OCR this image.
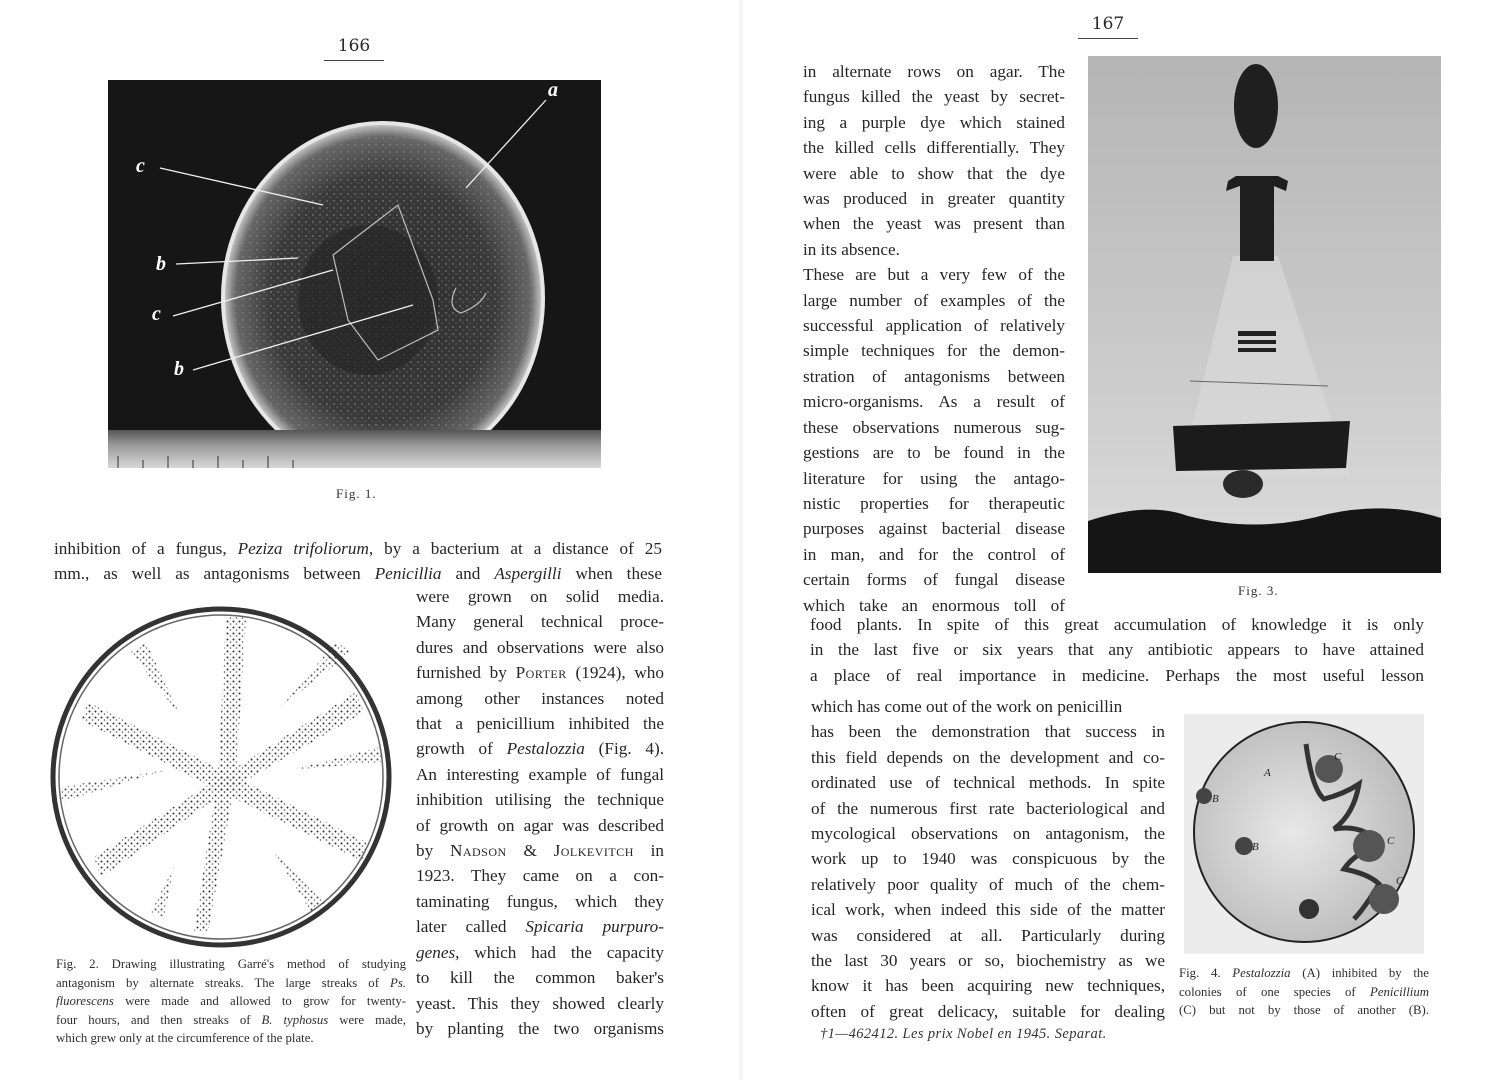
166
a
c
b
c
b
Fig. 1.
inhibition of a fungus, Peziza trifoliorum, by a bacterium at a distance of 25
mm., as well as antagonisms between Penicillia and Aspergilli when these
Fig. 2. Drawing illustrating Garré's method of studying
antagonism by alternate streaks. The large streaks of Ps.
fluorescens were made and allowed to grow for twenty-
four hours, and then streaks of B. typhosus were made,
which grew only at the circumference of the plate.
were grown on solid media.
Many general technical proce-
dures and observations were also
furnished by Porter (1924), who
among other instances noted
that a penicillium inhibited the
growth of Pestalozzia (Fig. 4).
An interesting example of fungal
inhibition utilising the technique
of growth on agar was described
by Nadson & Jolkevitch in
1923. They came on a con-
taminating fungus, which they
later called Spicaria purpuro-
genes, which had the capacity
to kill the common baker's
yeast. This they showed clearly
by planting the two organisms
167
in alternate rows on agar. The
fungus killed the yeast by secret-
ing a purple dye which stained
the killed cells differentially. They
were able to show that the dye
was produced in greater quantity
when the yeast was present than
in its absence.
These are but a very few of the
large number of examples of the
successful application of relatively
simple techniques for the demon-
stration of antagonisms between
micro-organisms. As a result of
these observations numerous sug-
gestions are to be found in the
literature for using the antago-
nistic properties for therapeutic
purposes against bacterial disease
in man, and for the control of
certain forms of fungal disease
which take an enormous toll of
Fig. 3.
food plants. In spite of this great accumulation of knowledge it is only
in the last five or six years that any antibiotic appears to have attained
a place of real importance in medicine. Perhaps the most useful lesson
which has come out of the work on penicillin
has been the demonstration that success in
this field depends on the development and co-
ordinated use of technical methods. In spite
of the numerous first rate bacteriological and
mycological observations on antagonism, the
work up to 1940 was conspicuous by the
relatively poor quality of much of the chem-
ical work, when indeed this side of the matter
was considered at all. Particularly during
the last 30 years or so, biochemistry as we
know it has been acquiring new techniques,
often of great delicacy, suitable for dealing
A
B
B
C
C
C
Fig. 4. Pestalozzia (A) inhibited by the
colonies of one species of Penicillium
(C) but not by those of another (B).
†1—462412. Les prix Nobel en 1945. Separat.
